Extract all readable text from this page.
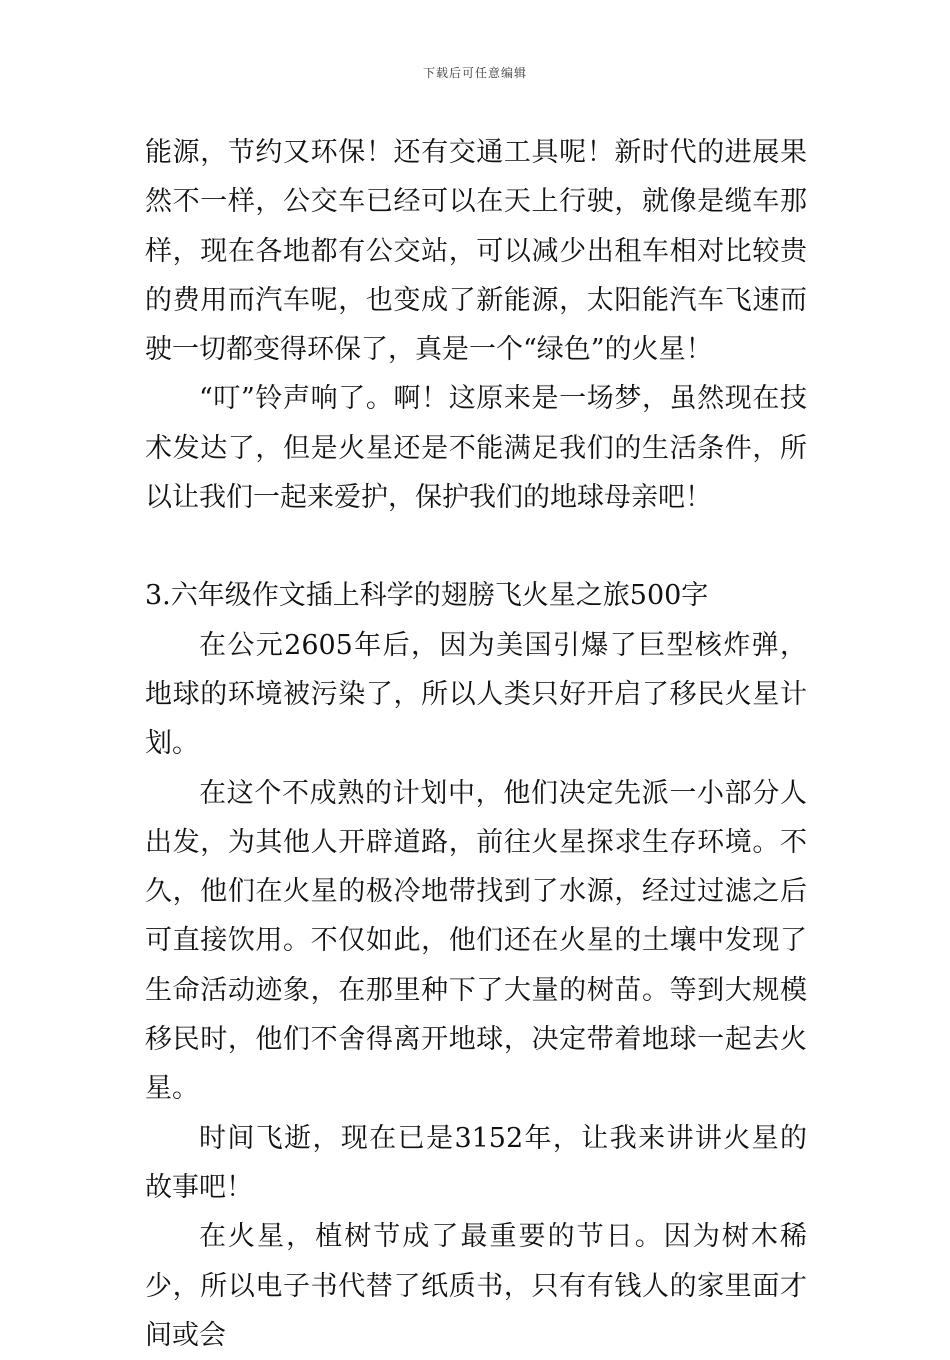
下载后可任意编辑

能源，节约又环保！还有交通工具呢！新时代的进展果然不一样，公交车已经可以在天上行驶，就像是缆车那样，现在各地都有公交站，可以减少出租车相对比较贵的费用而汽车呢，也变成了新能源，太阳能汽车飞速而驶一切都变得环保了，真是一个“绿色”的火星！

“叮”铃声响了。啊！这原来是一场梦，虽然现在技术发达了，但是火星还是不能满足我们的生活条件，所以让我们一起来爱护，保护我们的地球母亲吧！

3.六年级作文插上科学的翅膀飞火星之旅500字

在公元2605年后，因为美国引爆了巨型核炸弹，地球的环境被污染了，所以人类只好开启了移民火星计划。

在这个不成熟的计划中，他们决定先派一小部分人出发，为其他人开辟道路，前往火星探求生存环境。不久，他们在火星的极冷地带找到了水源，经过过滤之后可直接饮用。不仅如此，他们还在火星的土壤中发现了生命活动迹象，在那里种下了大量的树苗。等到大规模移民时，他们不舍得离开地球，决定带着地球一起去火星。

时间飞逝，现在已是3152年，让我来讲讲火星的故事吧！

在火星，植树节成了最重要的节日。因为树木稀少，所以电子书代替了纸质书，只有有钱人的家里面才间或会
